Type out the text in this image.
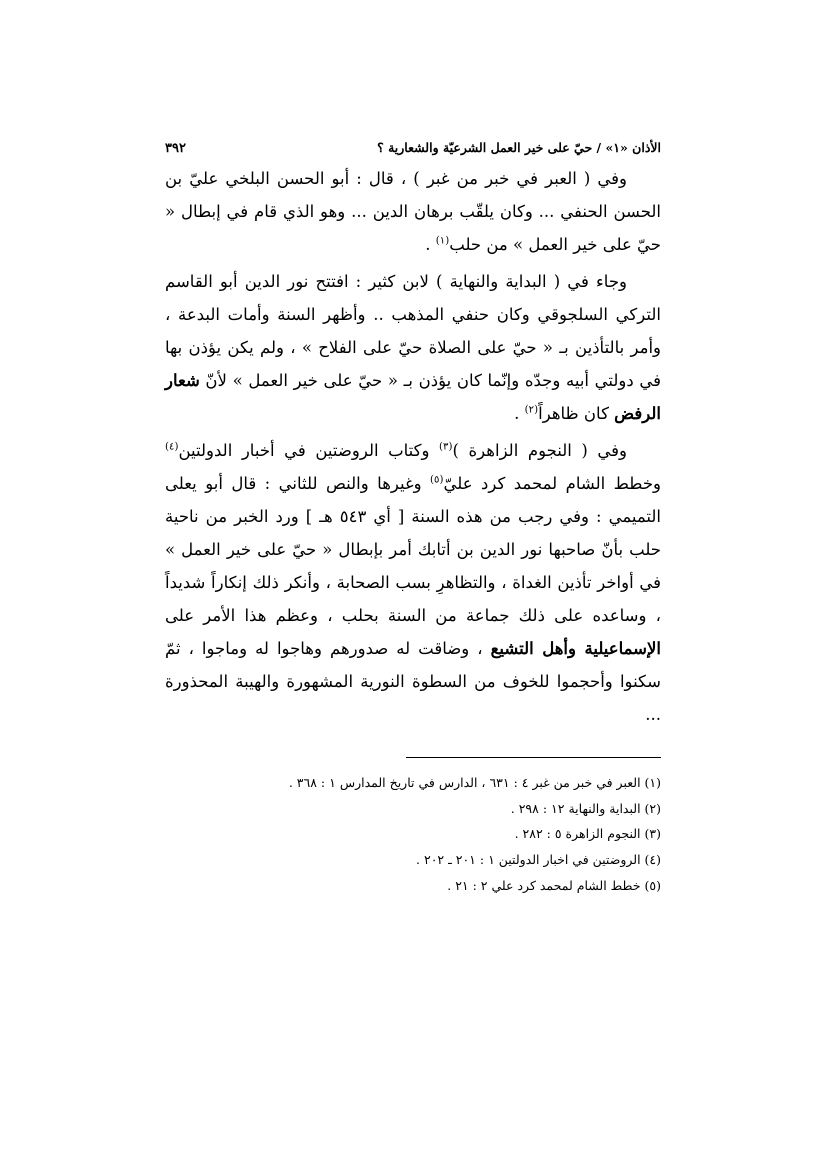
الأذان «١» / حيّ على خير العمل الشرعيّة والشعارية ؟
٣٩٢

وفي ( العبر في خبر من غبر ) ، قال : أبو الحسن البلخي عليّ بن الحسن الحنفي ... وكان يلقّب برهان الدين ... وهو الذي قام في إبطال « حيّ على خير العمل » من حلب$^{(١)}$ .

وجاء في ( البداية والنهاية ) لابن كثير : افتتح نور الدين أبو القاسم التركي السلجوقي وكان حنفي المذهب .. وأظهر السنة وأمات البدعة ، وأمر بالتأذين بـ « حيّ على الصلاة حيّ على الفلاح » ، ولم يكن يؤذن بها في دولتي أبيه وجدّه وإنّما كان يؤذن بـ « حيّ على خير العمل » لأنّ شعار الرفض كان ظاهراً$^{(٢)}$ .

وفي ( النجوم الزاهرة )$^{(٣)}$ وكتاب الروضتين في أخبار الدولتين$^{(٤)}$ وخطط الشام لمحمد كرد عليّ$^{(٥)}$ وغيرها والنص للثاني : قال أبو يعلى التميمي : وفي رجب من هذه السنة [ أي ٥٤٣ هـ ] ورد الخبر من ناحية حلب بأنّ صاحبها نور الدين بن أتابك أمر بإبطال « حيّ على خير العمل » في أواخر تأذين الغداة ، والتظاهرِ بسب الصحابة ، وأنكر ذلك إنكاراً شديداً ، وساعده على ذلك جماعة من السنة بحلب ، وعظم هذا الأمر على الإسماعيلية وأهل التشيع ، وضاقت له صدورهم وهاجوا له وماجوا ، ثمّ سكنوا وأحجموا للخوف من السطوة النورية المشهورة والهيبة المحذورة ...

(١) العبر في خبر من غبر ٤ : ٦٣١ ، الدارس في تاريخ المدارس ١ : ٣٦٨ .

(٢) البداية والنهاية ١٢ : ٢٩٨ .

(٣) النجوم الزاهرة ٥ : ٢٨٢ .

(٤) الروضتين في اخبار الدولتين ١ : ٢٠١ ـ ٢٠٢ .

(٥) خطط الشام لمحمد كرد علي ٢ : ٢١ .
